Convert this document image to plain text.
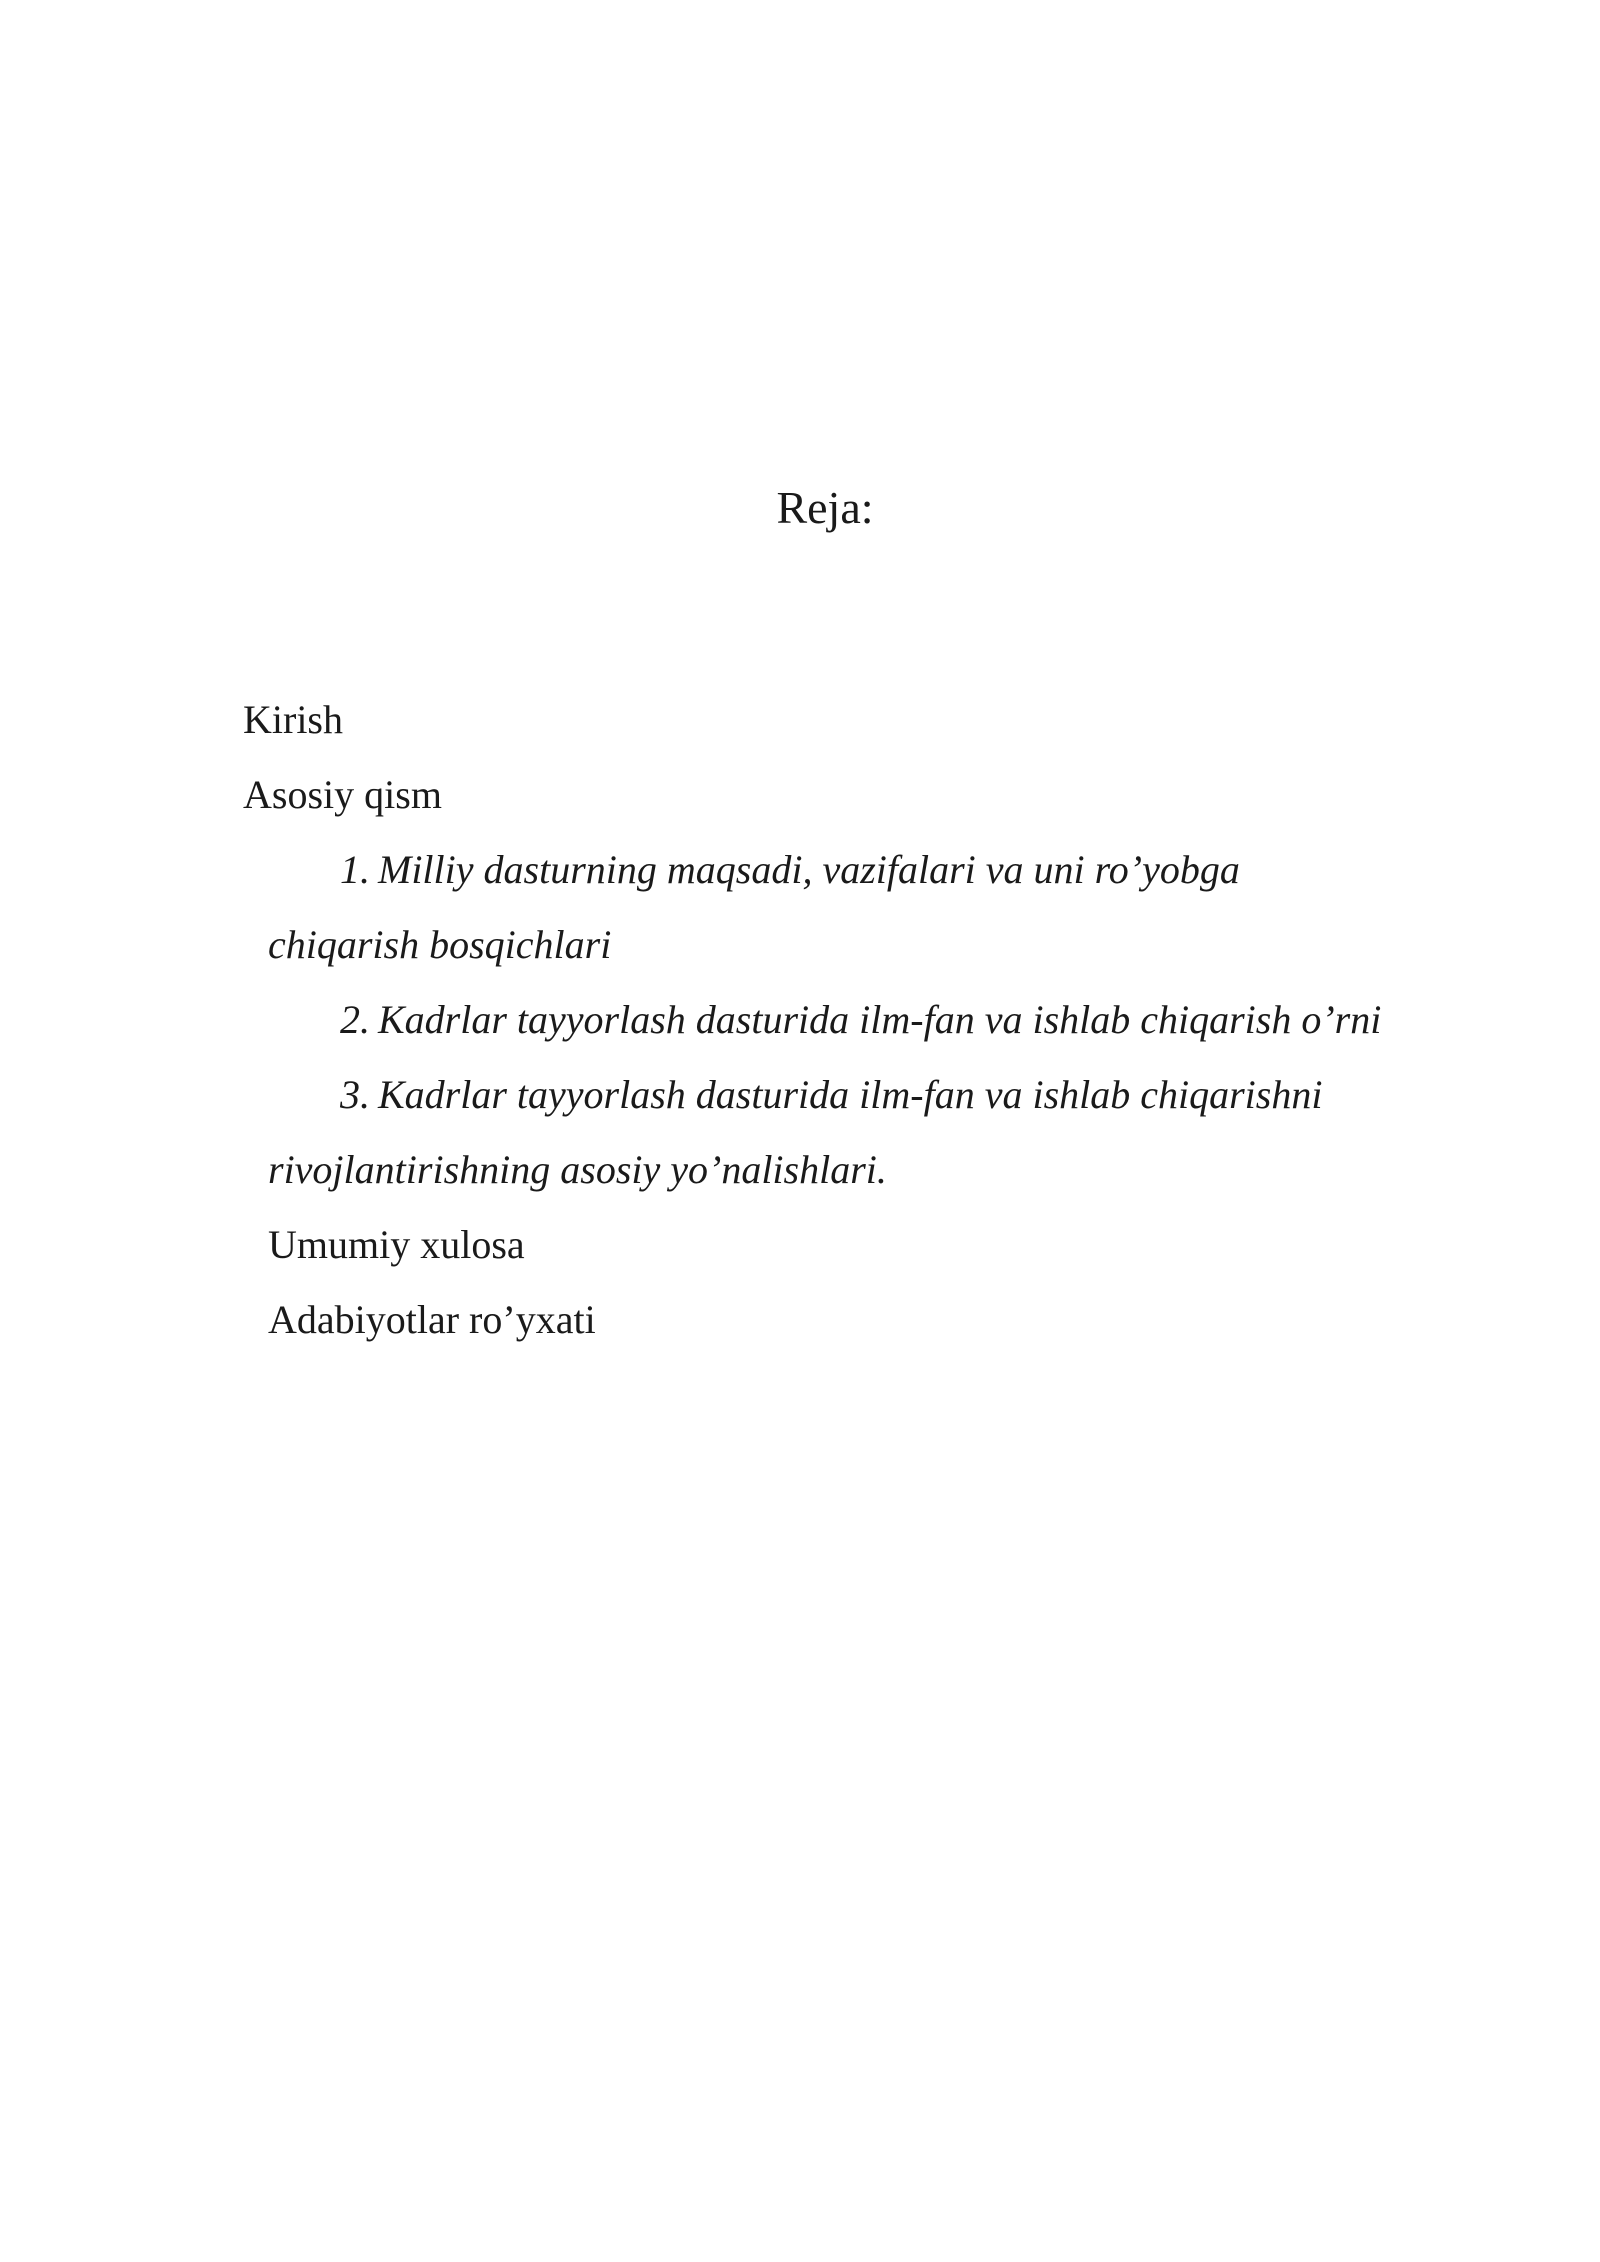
Reja:

Kirish

Asosiy qism

1. Milliy dasturning maqsadi, vazifalari va uni ro’yobga

chiqarish bosqichlari

2. Kadrlar tayyorlash dasturida ilm-fan va ishlab chiqarish o’rni

3. Kadrlar tayyorlash dasturida ilm-fan va ishlab chiqarishni

rivojlantirishning asosiy yo’nalishlari.

Umumiy xulosa

Adabiyotlar ro’yxati
